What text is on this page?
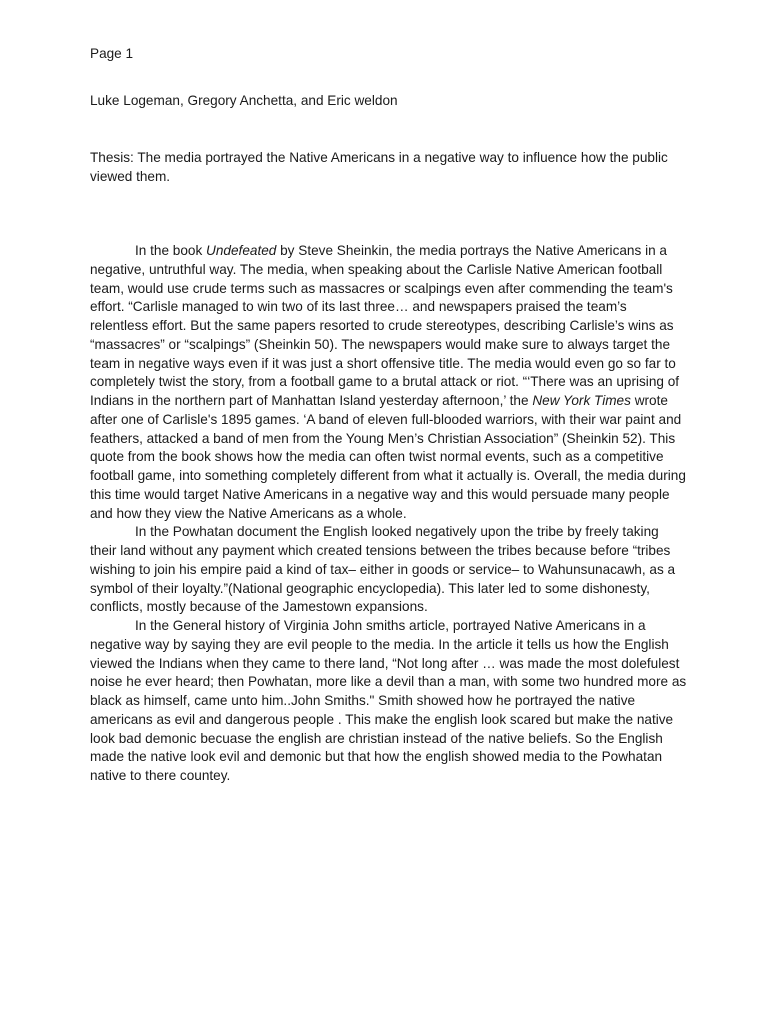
Page 1

Luke Logeman, Gregory Anchetta, and Eric weldon

Thesis: The media portrayed the Native Americans in a negative way to influence how the public viewed them.

In the book Undefeated by Steve Sheinkin, the media portrays the Native Americans in a negative, untruthful way. The media, when speaking about the Carlisle Native American football team, would use crude terms such as massacres or scalpings even after commending the team's effort. “Carlisle managed to win two of its last three… and newspapers praised the team’s relentless effort. But the same papers resorted to crude stereotypes, describing Carlisle’s wins as “massacres” or “scalpings” (Sheinkin 50). The newspapers would make sure to always target the team in negative ways even if it was just a short offensive title. The media would even go so far to completely twist the story, from a football game to a brutal attack or riot. “‘There was an uprising of Indians in the northern part of Manhattan Island yesterday afternoon,’ the New York Times wrote after one of Carlisle's 1895 games. ‘A band of eleven full-blooded warriors, with their war paint and feathers, attacked a band of men from the Young Men’s Christian Association” (Sheinkin 52). This quote from the book shows how the media can often twist normal events, such as a competitive football game, into something completely different from what it actually is. Overall, the media during this time would target Native Americans in a negative way and this would persuade many people and how they view the Native Americans as a whole.

In the Powhatan document the English looked negatively upon the tribe by freely taking their land without any payment which created tensions between the tribes because before “tribes wishing to join his empire paid a kind of tax– either in goods or service– to Wahunsunacawh, as a symbol of their loyalty.”(National geographic encyclopedia). This later led to some dishonesty, conflicts, mostly because of the Jamestown expansions.

In the General history of Virginia John smiths article, portrayed Native Americans in a negative way by saying they are evil people to the media. In the article it tells us how the English viewed the Indians when they came to there land, “Not long after … was made the most dolefulest noise he ever heard; then Powhatan, more like a devil than a man, with some two hundred more as black as himself, came unto him..John Smiths." Smith showed how he portrayed the native americans as evil and dangerous people . This make the english look scared but make the native look bad demonic becuase the english are christian instead of the native beliefs. So the English made the native look evil and demonic but that how the english showed media to the Powhatan native to there countey.
